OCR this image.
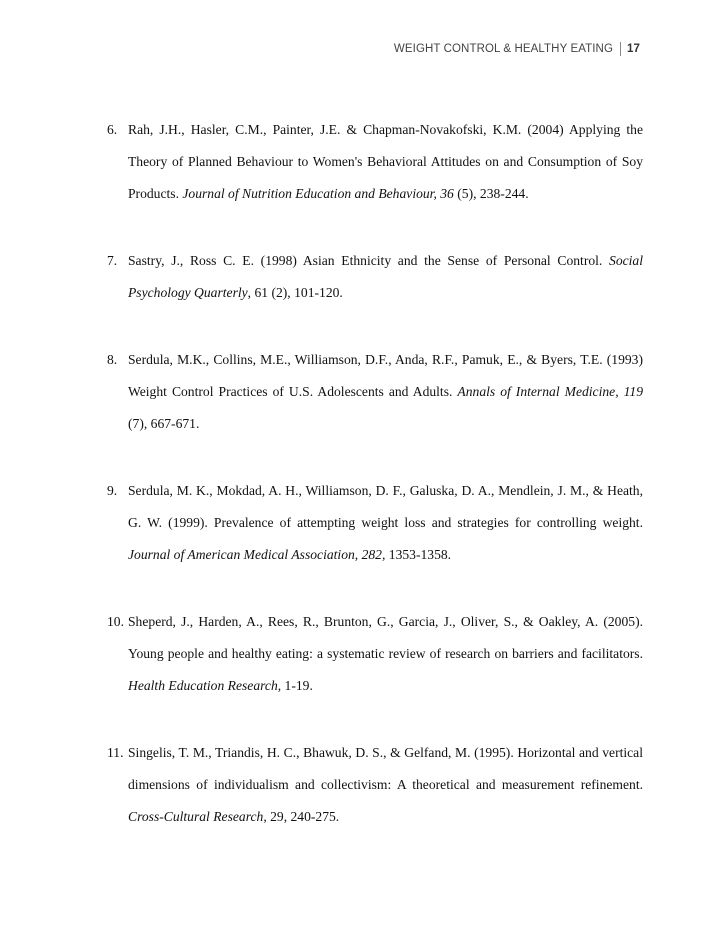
WEIGHT CONTROL & HEALTHY EATING 17
6. Rah, J.H., Hasler, C.M., Painter, J.E. & Chapman-Novakofski, K.M. (2004) Applying the Theory of Planned Behaviour to Women's Behavioral Attitudes on and Consumption of Soy Products. Journal of Nutrition Education and Behaviour, 36 (5), 238-244.
7. Sastry, J., Ross C. E. (1998) Asian Ethnicity and the Sense of Personal Control. Social Psychology Quarterly, 61 (2), 101-120.
8. Serdula, M.K., Collins, M.E., Williamson, D.F., Anda, R.F., Pamuk, E., & Byers, T.E. (1993) Weight Control Practices of U.S. Adolescents and Adults. Annals of Internal Medicine, 119 (7), 667-671.
9. Serdula, M. K., Mokdad, A. H., Williamson, D. F., Galuska, D. A., Mendlein, J. M., & Heath, G. W. (1999). Prevalence of attempting weight loss and strategies for controlling weight. Journal of American Medical Association, 282, 1353-1358.
10. Sheperd, J., Harden, A., Rees, R., Brunton, G., Garcia, J., Oliver, S., & Oakley, A. (2005). Young people and healthy eating: a systematic review of research on barriers and facilitators. Health Education Research, 1-19.
11. Singelis, T. M., Triandis, H. C., Bhawuk, D. S., & Gelfand, M. (1995). Horizontal and vertical dimensions of individualism and collectivism: A theoretical and measurement refinement. Cross-Cultural Research, 29, 240-275.
